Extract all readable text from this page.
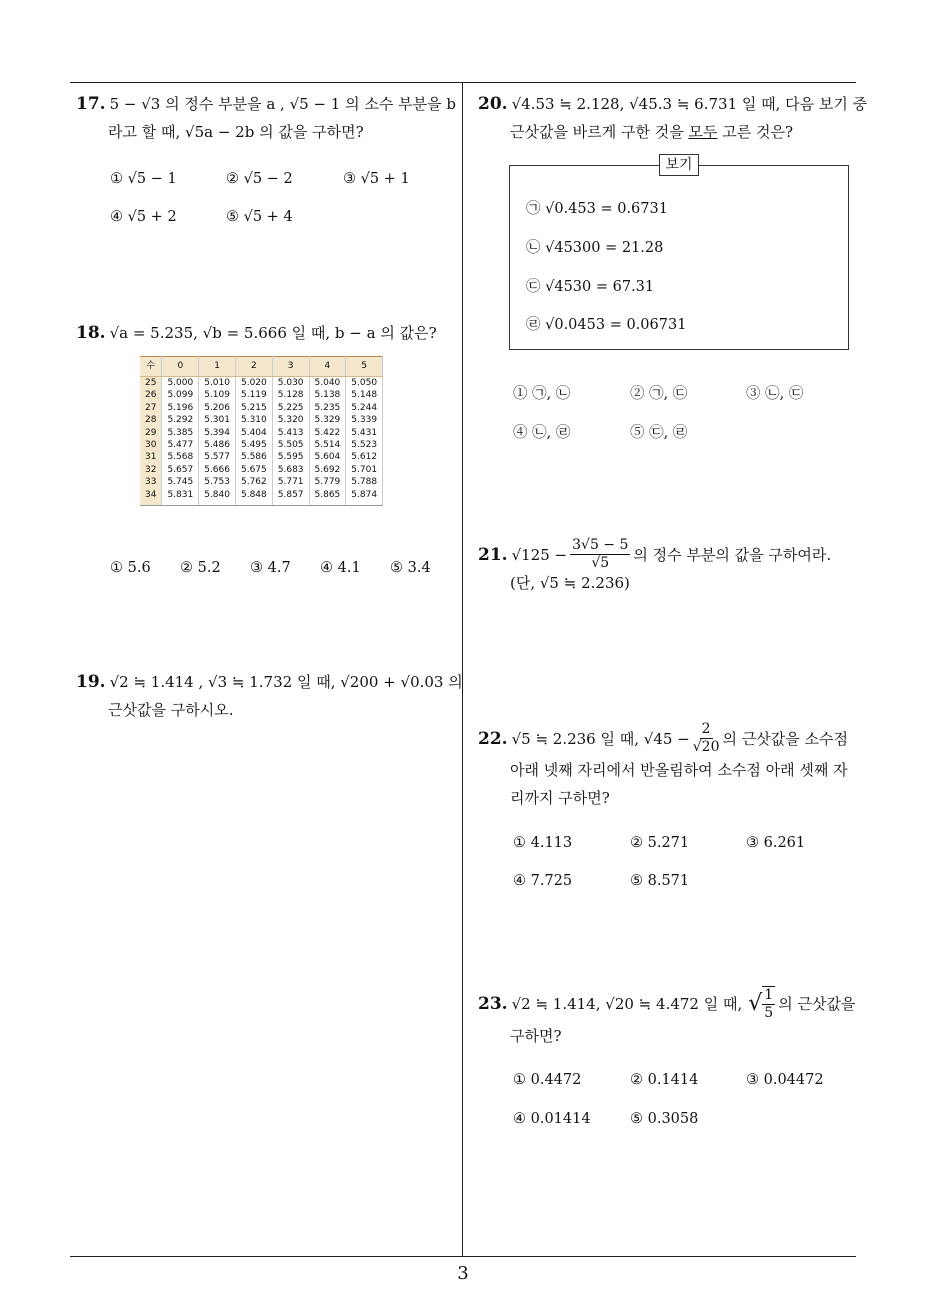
17. 5 − √3 의 정수 부분을 a , √5 − 1 의 소수 부분을 b
라고 할 때, √5a − 2b 의 값을 구하면?
① √5 − 1	② √5 − 2	③ √5 + 1
④ √5 + 2	⑤ √5 + 4
18. √a = 5.235, √b = 5.666 일 때, b − a 의 값은?
수	0	1	2	3	4	5
25	5.000	5.010	5.020	5.030	5.040	5.050
26	5.099	5.109	5.119	5.128	5.138	5.148
27	5.196	5.206	5.215	5.225	5.235	5.244
28	5.292	5.301	5.310	5.320	5.329	5.339
29	5.385	5.394	5.404	5.413	5.422	5.431
30	5.477	5.486	5.495	5.505	5.514	5.523
31	5.568	5.577	5.586	5.595	5.604	5.612
32	5.657	5.666	5.675	5.683	5.692	5.701
33	5.745	5.753	5.762	5.771	5.779	5.788
34	5.831	5.840	5.848	5.857	5.865	5.874
① 5.6 ② 5.2 ③ 4.7 ④ 4.1 ⑤ 3.4
19. √2 ≒ 1.414 , √3 ≒ 1.732 일 때, √200 + √0.03 의
근삿값을 구하시오.
20. √4.53 ≒ 2.128, √45.3 ≒ 6.731 일 때, 다음 보기 중
근삿값을 바르게 구한 것을 모두 고른 것은?
보기
㉠ √0.453 = 0.6731
㉡ √45300 = 21.28
㉢ √4530 = 67.31
㉣ √0.0453 = 0.06731
① ㉠, ㉡	② ㉠, ㉢	③ ㉡, ㉢
④ ㉡, ㉣	⑤ ㉢, ㉣
21. $√125 - \frac{3√5 - 5}{√5}$ 의 정수 부분의 값을 구하여라.
(단, √5 ≒ 2.236)
22. √5 ≒ 2.236 일 때, $√45 - \frac{2}{√20}$ 의 근삿값을 소수점
아래 넷째 자리에서 반올림하여 소수점 아래 셋째 자
리까지 구하면?
① 4.113	② 5.271	③ 6.261
④ 7.725	⑤ 8.571
23. √2 ≒ 1.414, √20 ≒ 4.472 일 때, √ $\frac{1}{5}$ 의 근삿값을
구하면?
① 0.4472	② 0.1414	③ 0.04472
④ 0.01414	⑤ 0.3058
3
